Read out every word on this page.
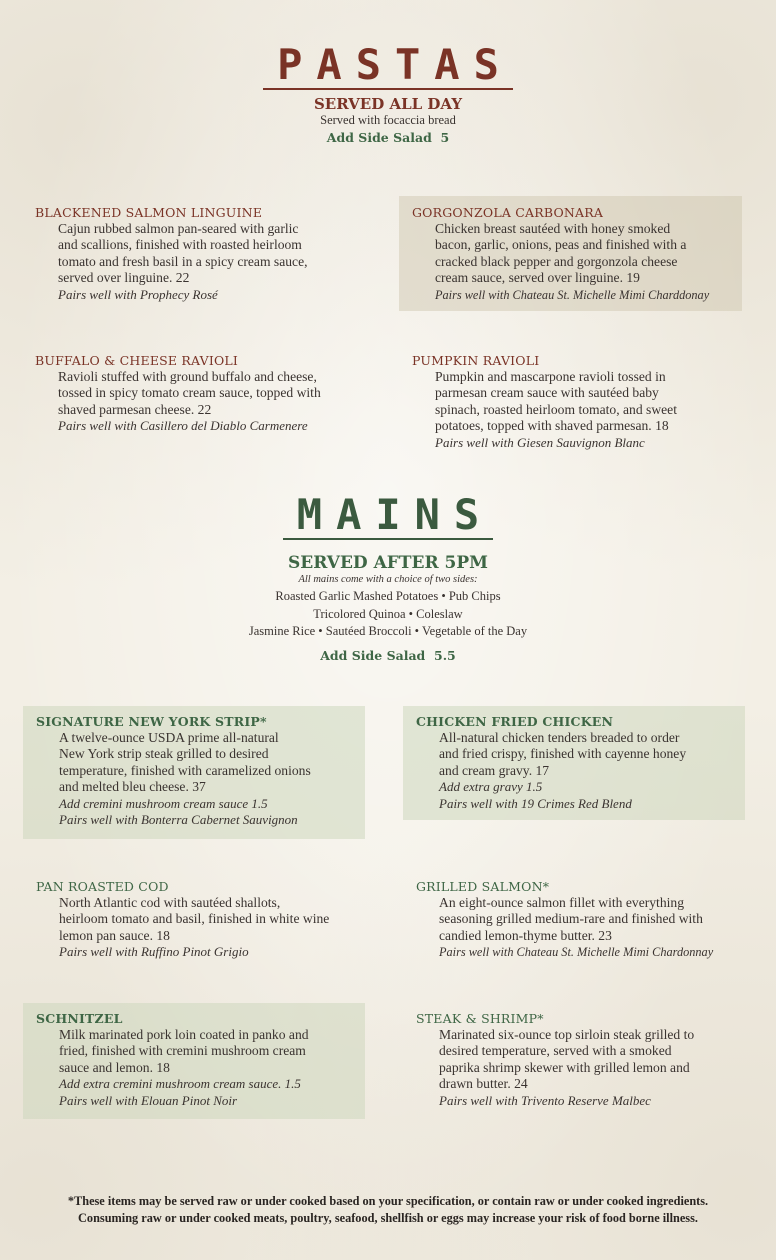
PASTAS
SERVED ALL DAY
Served with focaccia bread
Add Side Salad  5
BLACKENED SALMON LINGUINE
Cajun rubbed salmon pan-seared with garlic
and scallions, finished with roasted heirloom
tomato and fresh basil in a spicy cream sauce,
served over linguine. 22
Pairs well with Prophecy Rosé
GORGONZOLA CARBONARA
Chicken breast sautéed with honey smoked
bacon, garlic, onions, peas and finished with a
cracked black pepper and gorgonzola cheese
cream sauce, served over linguine. 19
Pairs well with Chateau St. Michelle Mimi Charddonay
BUFFALO & CHEESE RAVIOLI
Ravioli stuffed with ground buffalo and cheese,
tossed in spicy tomato cream sauce, topped with
shaved parmesan cheese. 22
Pairs well with Casillero del Diablo Carmenere
PUMPKIN RAVIOLI
Pumpkin and mascarpone ravioli tossed in
parmesan cream sauce with sautéed baby
spinach, roasted heirloom tomato, and sweet
potatoes, topped with shaved parmesan. 18
Pairs well with Giesen Sauvignon Blanc
MAINS
SERVED AFTER 5PM
All mains come with a choice of two sides:
Roasted Garlic Mashed Potatoes • Pub Chips
Tricolored Quinoa • Coleslaw
Jasmine Rice • Sautéed Broccoli • Vegetable of the Day
Add Side Salad  5.5
SIGNATURE NEW YORK STRIP*
A twelve-ounce USDA prime all-natural
New York strip steak grilled to desired
temperature, finished with caramelized onions
and melted bleu cheese. 37
Add cremini mushroom cream sauce 1.5
Pairs well with Bonterra Cabernet Sauvignon
CHICKEN FRIED CHICKEN
All-natural chicken tenders breaded to order
and fried crispy, finished with cayenne honey
and cream gravy. 17
Add extra gravy 1.5
Pairs well with 19 Crimes Red Blend
PAN ROASTED COD
North Atlantic cod with sautéed shallots,
heirloom tomato and basil, finished in white wine
lemon pan sauce. 18
Pairs well with Ruffino Pinot Grigio
GRILLED SALMON*
An eight-ounce salmon fillet with everything
seasoning grilled medium-rare and finished with
candied lemon-thyme butter. 23
Pairs well with Chateau St. Michelle Mimi Chardonnay
SCHNITZEL
Milk marinated pork loin coated in panko and
fried, finished with cremini mushroom cream
sauce and lemon. 18
Add extra cremini mushroom cream sauce. 1.5
Pairs well with Elouan Pinot Noir
STEAK & SHRIMP*
Marinated six-ounce top sirloin steak grilled to
desired temperature, served with a smoked
paprika shrimp skewer with grilled lemon and
drawn butter. 24
Pairs well with Trivento Reserve Malbec
*These items may be served raw or under cooked based on your specification, or contain raw or under cooked ingredients.
Consuming raw or under cooked meats, poultry, seafood, shellfish or eggs may increase your risk of food borne illness.
